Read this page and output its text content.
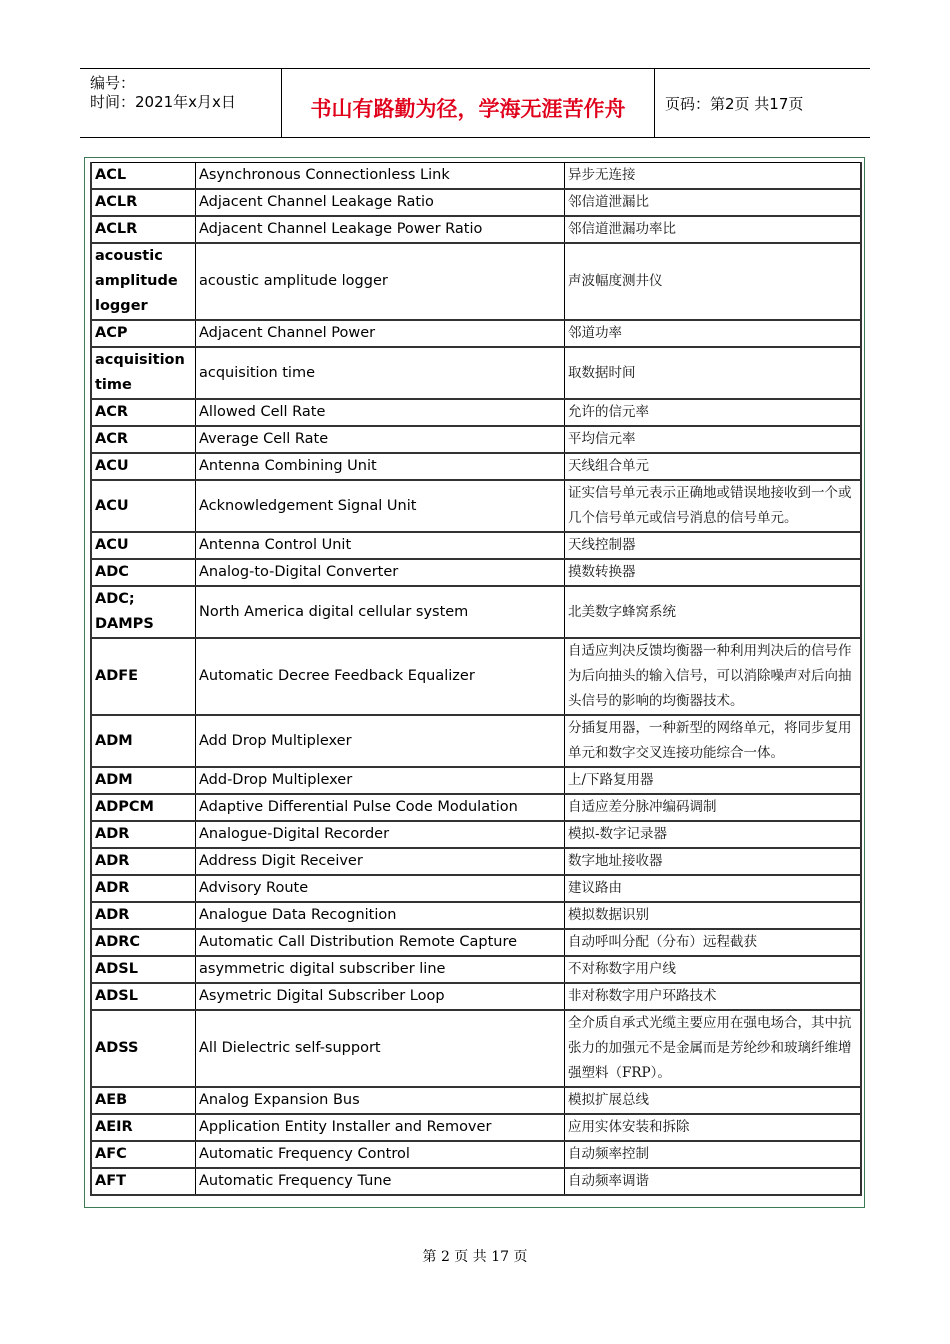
编号：
时间：2021年x月x日	书山有路勤为径，学海无涯苦作舟	页码：第2页 共17页
ACL	Asynchronous Connectionless Link	异步无连接
ACLR	Adjacent Channel Leakage Ratio	邻信道泄漏比
ACLR	Adjacent Channel Leakage Power Ratio	邻信道泄漏功率比
acoustic amplitude logger	acoustic amplitude logger	声波幅度测井仪
ACP	Adjacent Channel Power	邻道功率
acquisition time	acquisition time	取数据时间
ACR	Allowed Cell Rate	允许的信元率
ACR	Average Cell Rate	平均信元率
ACU	Antenna Combining Unit	天线组合单元
ACU	Acknowledgement Signal Unit	证实信号单元表示正确地或错误地接收到一个或几个信号单元或信号消息的信号单元。
ACU	Antenna Control Unit	天线控制器
ADC	Analog-to-Digital Converter	摸数转换器
ADC; DAMPS	North America digital cellular system	北美数字蜂窝系统
ADFE	Automatic Decree Feedback Equalizer	自适应判决反馈均衡器一种利用判决后的信号作为后向抽头的输入信号，可以消除噪声对后向抽头信号的影响的均衡器技术。
ADM	Add Drop Multiplexer	分插复用器，一种新型的网络单元，将同步复用单元和数字交叉连接功能综合一体。
ADM	Add-Drop Multiplexer	上/下路复用器
ADPCM	Adaptive Differential Pulse Code Modulation	自适应差分脉冲编码调制
ADR	Analogue-Digital Recorder	模拟-数字记录器
ADR	Address Digit Receiver	数字地址接收器
ADR	Advisory Route	建议路由
ADR	Analogue Data Recognition	模拟数据识别
ADRC	Automatic Call Distribution Remote Capture	自动呼叫分配（分布）远程截获
ADSL	asymmetric digital subscriber line	不对称数字用户线
ADSL	Asymetric Digital Subscriber Loop	非对称数字用户环路技术
ADSS	All Dielectric self-support	全介质自承式光缆主要应用在强电场合，其中抗张力的加强元不是金属而是芳纶纱和玻璃纤维增强塑料（FRP）。
AEB	Analog Expansion Bus	模拟扩展总线
AEIR	Application Entity Installer and Remover	应用实体安装和拆除
AFC	Automatic Frequency Control	自动频率控制
AFT	Automatic Frequency Tune	自动频率调谐
第 2 页 共 17 页
